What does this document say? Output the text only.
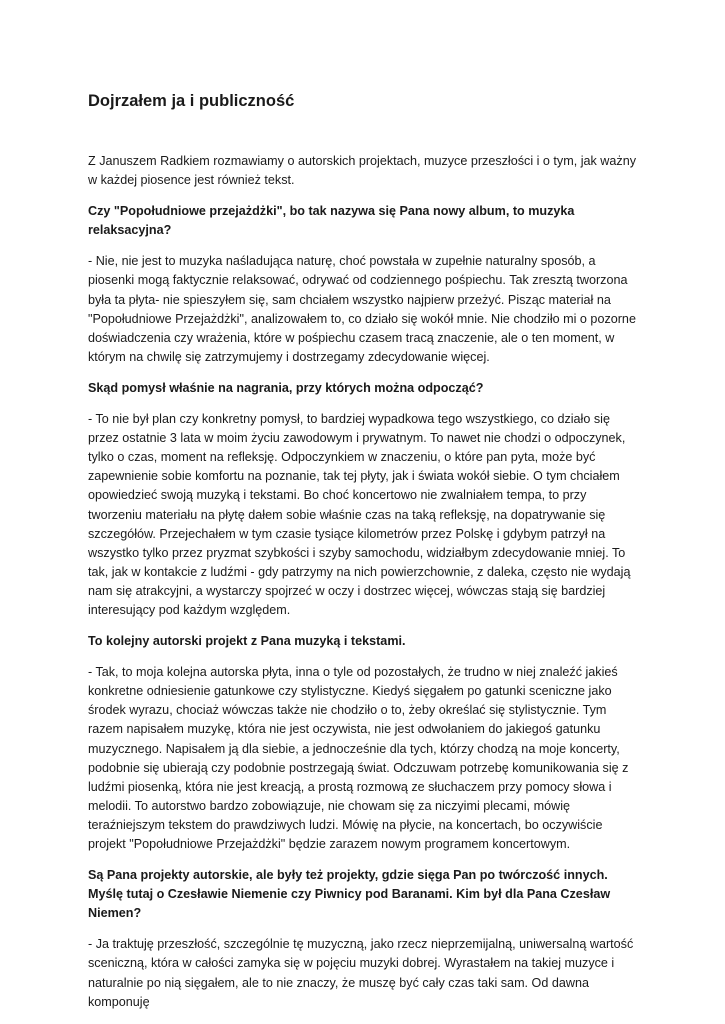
Dojrzałem ja i publiczność

Z Januszem Radkiem rozmawiamy o autorskich projektach, muzyce przeszłości i o tym, jak ważny w każdej piosence jest również tekst.

Czy "Popołudniowe przejażdżki", bo tak nazywa się Pana nowy album, to muzyka relaksacyjna?

- Nie, nie jest to muzyka naśladująca naturę, choć powstała w zupełnie naturalny sposób, a piosenki mogą faktycznie relaksować, odrywać od codziennego pośpiechu. Tak zresztą tworzona była ta płyta- nie spieszyłem się, sam chciałem wszystko najpierw przeżyć. Pisząc materiał na "Popołudniowe Przejażdżki", analizowałem to, co działo się wokół mnie. Nie chodziło mi o pozorne doświadczenia czy wrażenia, które w pośpiechu czasem tracą znaczenie, ale o ten moment, w którym na chwilę się zatrzymujemy i dostrzegamy zdecydowanie więcej.

Skąd pomysł właśnie na nagrania, przy których można odpocząć?

- To nie był plan czy konkretny pomysł, to bardziej wypadkowa tego wszystkiego, co działo się przez ostatnie 3 lata w moim życiu zawodowym i prywatnym. To nawet nie chodzi o odpoczynek, tylko o czas, moment na refleksję. Odpoczynkiem w znaczeniu, o które pan pyta, może być zapewnienie sobie komfortu na poznanie, tak tej płyty, jak i świata wokół siebie. O tym chciałem opowiedzieć swoją muzyką i tekstami. Bo choć koncertowo nie zwalniałem tempa, to przy tworzeniu materiału na płytę dałem sobie właśnie czas na taką refleksję, na dopatrywanie się szczegółów. Przejechałem w tym czasie tysiące kilometrów przez Polskę i gdybym patrzył na wszystko tylko przez pryzmat szybkości i szyby samochodu, widziałbym zdecydowanie mniej. To tak, jak w kontakcie z ludźmi - gdy patrzymy na nich powierzchownie, z daleka, często nie wydają nam się atrakcyjni, a wystarczy spojrzeć w oczy i dostrzec więcej, wówczas stają się bardziej interesujący pod każdym względem.

To kolejny autorski projekt z Pana muzyką i tekstami.

- Tak, to moja kolejna autorska płyta, inna o tyle od pozostałych, że trudno w niej znaleźć jakieś konkretne odniesienie gatunkowe czy stylistyczne. Kiedyś sięgałem po gatunki sceniczne jako środek wyrazu, chociaż wówczas także nie chodziło o to, żeby określać się stylistycznie. Tym razem napisałem muzykę, która nie jest oczywista, nie jest odwołaniem do jakiegoś gatunku muzycznego. Napisałem ją dla siebie, a jednocześnie dla tych, którzy chodzą na moje koncerty, podobnie się ubierają czy podobnie postrzegają świat. Odczuwam potrzebę komunikowania się z ludźmi piosenką, która nie jest kreacją, a prostą rozmową ze słuchaczem przy pomocy słowa i melodii. To autorstwo bardzo zobowiązuje, nie chowam się za niczyimi plecami, mówię teraźniejszym tekstem do prawdziwych ludzi. Mówię na płycie, na koncertach, bo oczywiście projekt "Popołudniowe Przejażdżki" będzie zarazem nowym programem koncertowym.

Są Pana projekty autorskie, ale były też projekty, gdzie sięga Pan po twórczość innych. Myślę tutaj o Czesławie Niemenie czy Piwnicy pod Baranami. Kim był dla Pana Czesław Niemen?

- Ja traktuję przeszłość, szczególnie tę muzyczną, jako rzecz nieprzemijalną, uniwersalną wartość sceniczną, która w całości zamyka się w pojęciu muzyki dobrej. Wyrastałem na takiej muzyce i naturalnie po nią sięgałem, ale to nie znaczy, że muszę być cały czas taki sam. Od dawna komponuję
